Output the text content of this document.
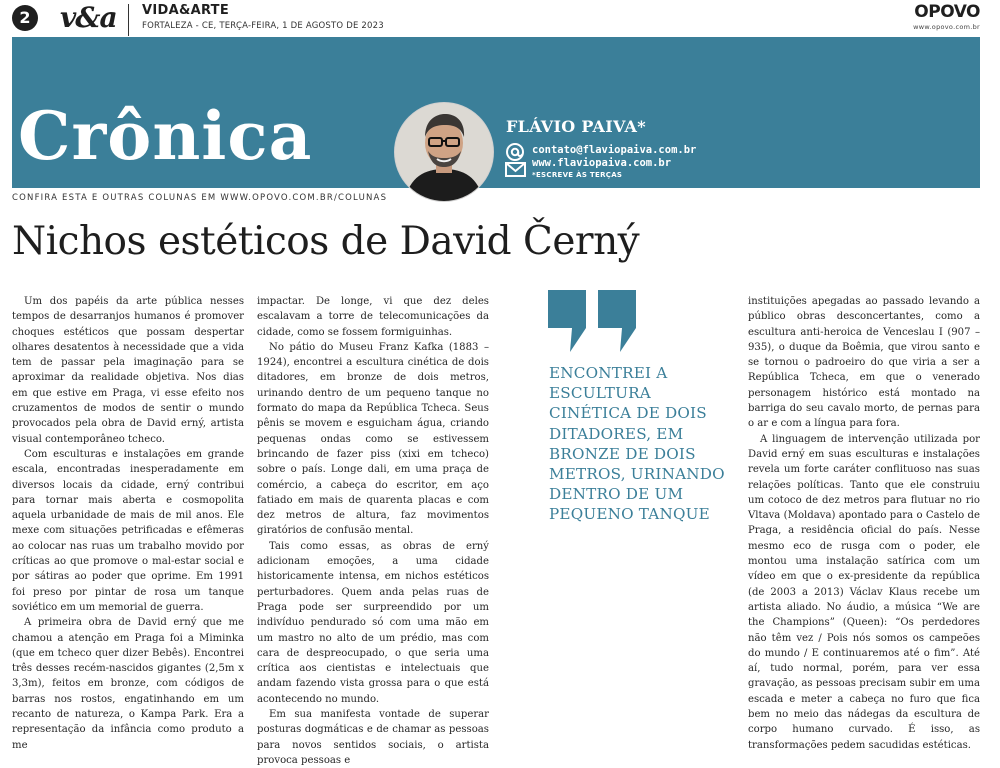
2 v&a VIDA&ARTE
FORTALEZA - CE, TERÇA-FEIRA, 1 DE AGOSTO DE 2023
OPOVO
www.opovo.com.br
Crônica	FLÁVIO PAIVA*
contato@flaviopaiva.com.br
www.flaviopaiva.com.br
*ESCREVE ÀS TERÇAS
CONFIRA ESTA E OUTRAS COLUNAS EM WWW.OPOVO.COM.BR/COLUNAS
Nichos estéticos de David Černý

Um dos papéis da arte pública nesses tempos de desarranjos humanos é promover choques estéticos que possam despertar olhares desatentos à necessidade que a vida tem de passar pela imaginação para se aproximar da realidade objetiva. Nos dias em que estive em Praga, vi esse efeito nos cruzamentos de modos de sentir o mundo provocados pela obra de David erný, artista visual contemporâneo tcheco.

Com esculturas e instalações em grande escala, encontradas inesperadamente em diversos locais da cidade, erný contribui para tornar mais aberta e cosmopolita aquela urbanidade de mais de mil anos. Ele mexe com situações petrificadas e efêmeras ao colocar nas ruas um trabalho movido por críticas ao que promove o mal-estar social e por sátiras ao poder que oprime. Em 1991 foi preso por pintar de rosa um tanque soviético em um memorial de guerra.

A primeira obra de David erný que me chamou a atenção em Praga foi a Miminka (que em tcheco quer dizer Bebês). Encontrei três desses recém-nascidos gigantes (2,5m x 3,3m), feitos em bronze, com códigos de barras nos rostos, engatinhando em um recanto de natureza, o Kampa Park. Era a representação da infância como produto a me

impactar. De longe, vi que dez deles escalavam a torre de telecomunicações da cidade, como se fossem formiguinhas.

No pátio do Museu Franz Kafka (1883 – 1924), encontrei a escultura cinética de dois ditadores, em bronze de dois metros, urinando dentro de um pequeno tanque no formato do mapa da República Tcheca. Seus pênis se movem e esguicham água, criando pequenas ondas como se estivessem brincando de fazer piss (xixi em tcheco) sobre o país. Longe dali, em uma praça de comércio, a cabeça do escritor, em aço fatiado em mais de quarenta placas e com dez metros de altura, faz movimentos giratórios de confusão mental.

Tais como essas, as obras de erný adicionam emoções, a uma cidade historicamente intensa, em nichos estéticos perturbadores. Quem anda pelas ruas de Praga pode ser surpreendido por um indivíduo pendurado só com uma mão em um mastro no alto de um prédio, mas com cara de despreocupado, o que seria uma crítica aos cientistas e intelectuais que andam fazendo vista grossa para o que está acontecendo no mundo.

Em sua manifesta vontade de superar posturas dogmáticas e de chamar as pessoas para novos sentidos sociais, o artista provoca pessoas e

ENCONTREI A ESCULTURA CINÉTICA DE DOIS DITADORES, EM BRONZE DE DOIS METROS, URINANDO DENTRO DE UM PEQUENO TANQUE

instituições apegadas ao passado levando a público obras desconcertantes, como a escultura anti-heroica de Venceslau I (907 – 935), o duque da Boêmia, que virou santo e se tornou o padroeiro do que viria a ser a República Tcheca, em que o venerado personagem histórico está montado na barriga do seu cavalo morto, de pernas para o ar e com a língua para fora.

A linguagem de intervenção utilizada por David erný em suas esculturas e instalações revela um forte caráter conflituoso nas suas relações políticas. Tanto que ele construiu um cotoco de dez metros para flutuar no rio Vltava (Moldava) apontado para o Castelo de Praga, a residência oficial do país. Nesse mesmo eco de rusga com o poder, ele montou uma instalação satírica com um vídeo em que o ex-presidente da república (de 2003 a 2013) Václav Klaus recebe um artista aliado. No áudio, a música “We are the Champions” (Queen): “Os perdedores não têm vez / Pois nós somos os campeões do mundo / E continuaremos até o fim”. Até aí, tudo normal, porém, para ver essa gravação, as pessoas precisam subir em uma escada e meter a cabeça no furo que fica bem no meio das nádegas da escultura de corpo humano curvado. É isso, as transformações pedem sacudidas estéticas.
